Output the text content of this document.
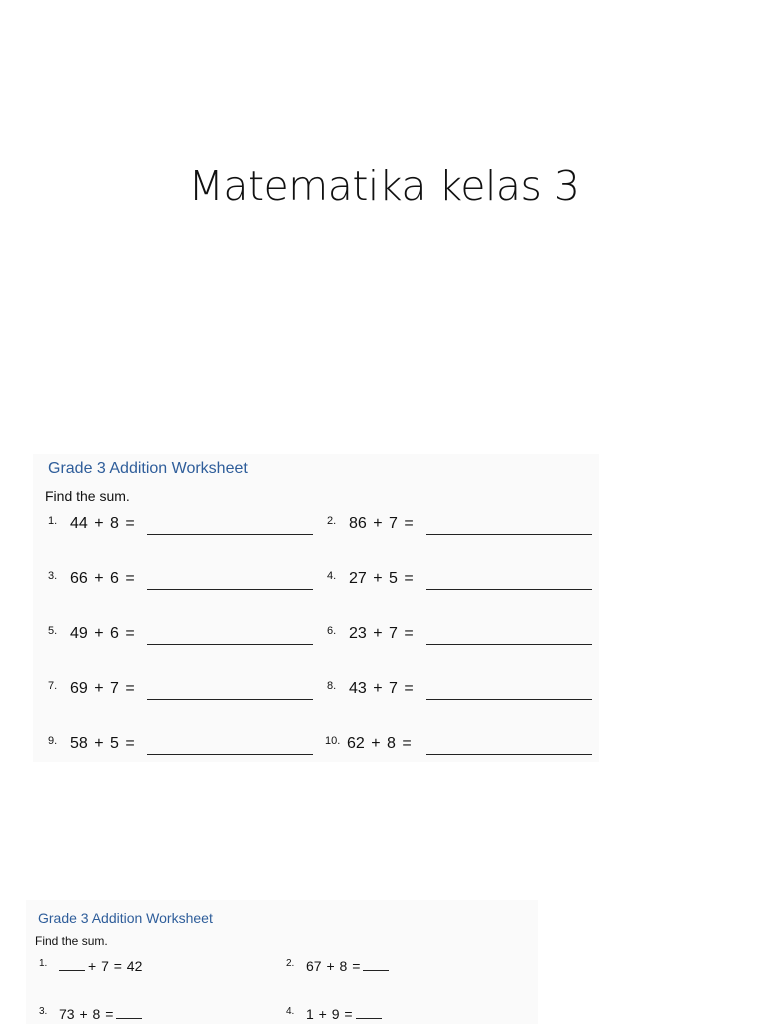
Matematika kelas 3
Grade 3 Addition Worksheet
Find the sum.
1. 44 + 8 =	2. 86 + 7 =
3. 66 + 6 =	4. 27 + 5 =
5. 49 + 6 =	6. 23 + 7 =
7. 69 + 7 =	8. 43 + 7 =
9. 58 + 5 =	10. 62 + 8 =
Grade 3 Addition Worksheet
Find the sum.
1.	+ 7 = 42	2. 67 + 8 =
3. 73 + 8 =	4. 1 + 9 =
